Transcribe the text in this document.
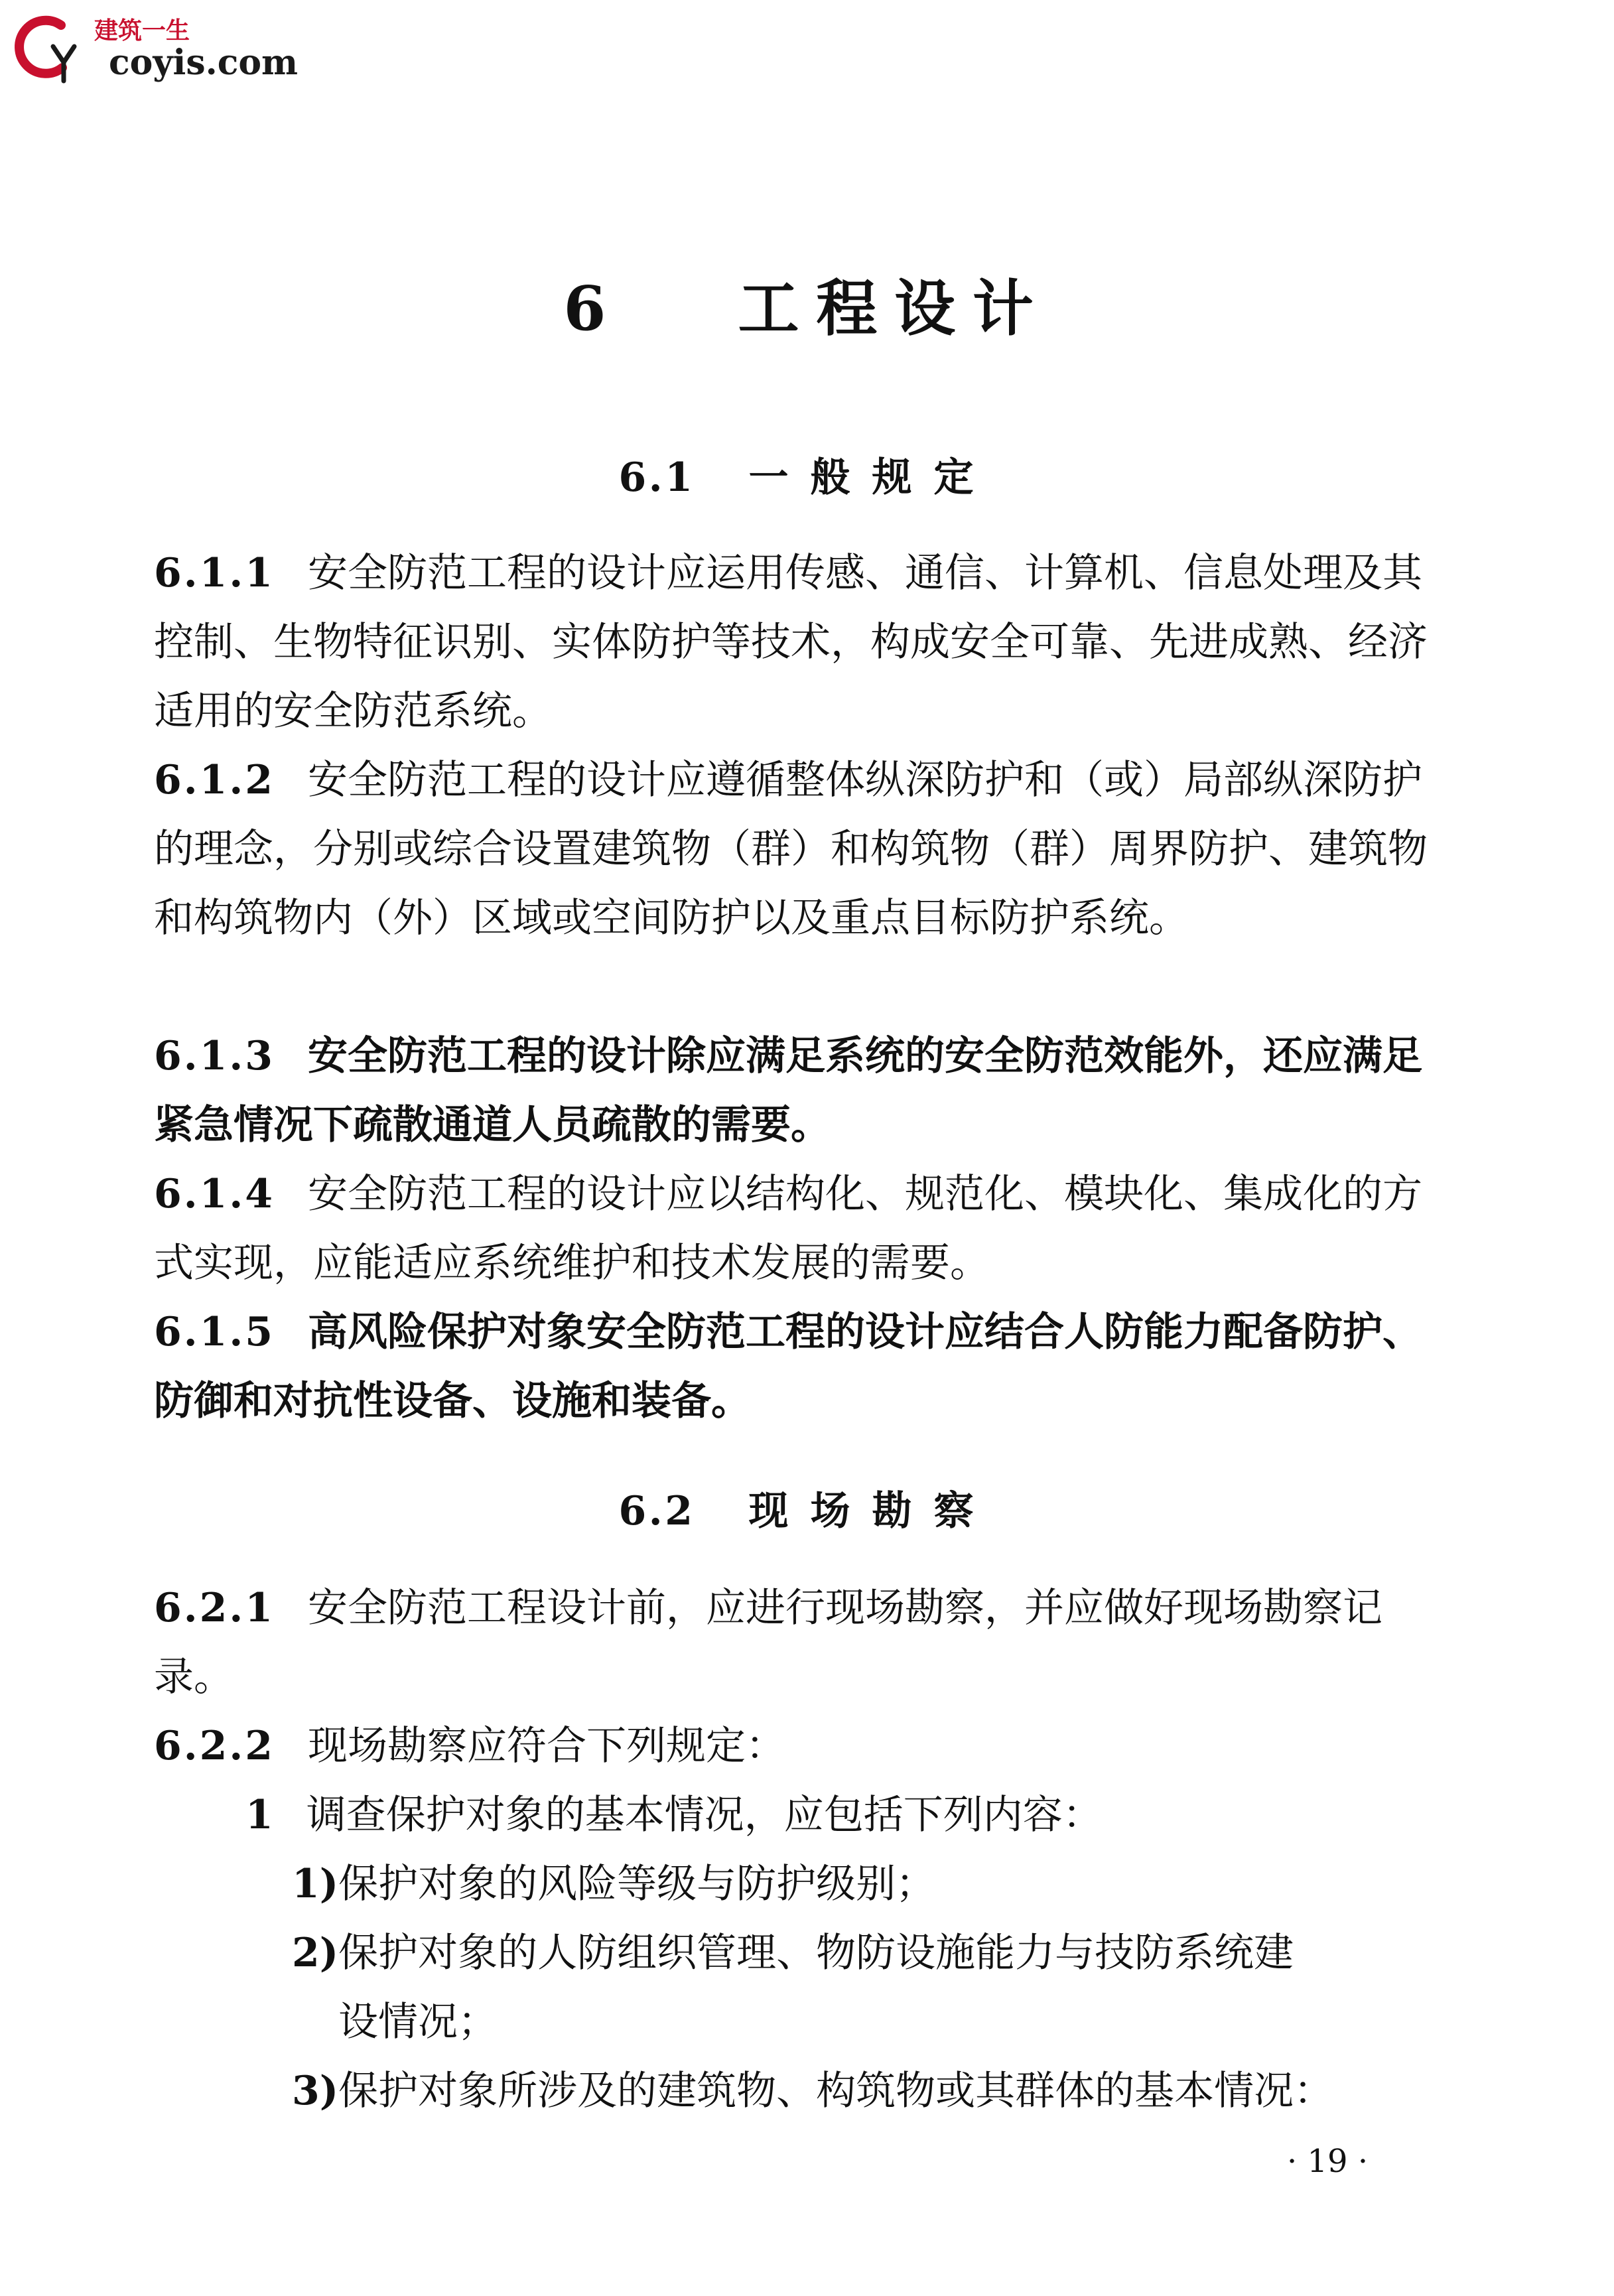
建筑一生
coyis.com
6 工程设计
6.1 一般规定
6.1.1 安全防范工程的设计应运用传感、通信、计算机、信息处理及其控制、生物特征识别、实体防护等技术，构成安全可靠、先进成熟、经济适用的安全防范系统。
6.1.2 安全防范工程的设计应遵循整体纵深防护和（或）局部纵深防护的理念，分别或综合设置建筑物（群）和构筑物（群）周界防护、建筑物和构筑物内（外）区域或空间防护以及重点目标防护系统。
6.1.3 安全防范工程的设计除应满足系统的安全防范效能外，还应满足紧急情况下疏散通道人员疏散的需要。
6.1.4 安全防范工程的设计应以结构化、规范化、模块化、集成化的方式实现，应能适应系统维护和技术发展的需要。
6.1.5 高风险保护对象安全防范工程的设计应结合人防能力配备防护、防御和对抗性设备、设施和装备。
6.2 现场勘察
6.2.1 安全防范工程设计前，应进行现场勘察，并应做好现场勘察记录。
6.2.2 现场勘察应符合下列规定：
1 调查保护对象的基本情况，应包括下列内容：
1)保护对象的风险等级与防护级别；
2)保护对象的人防组织管理、物防设施能力与技防系统建
设情况；
3)保护对象所涉及的建筑物、构筑物或其群体的基本情况：
· 19 ·
